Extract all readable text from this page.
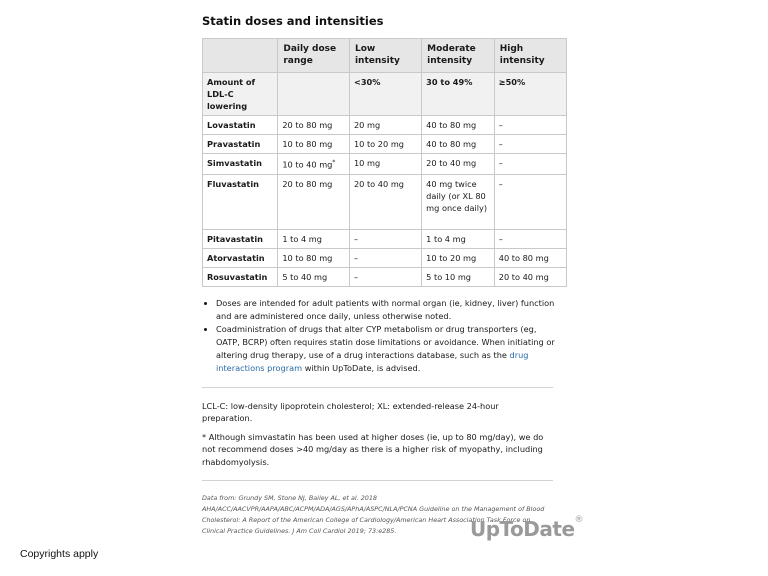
Statin doses and intensities
	Daily dose range	Low intensity	Moderate intensity	High intensity
Amount of LDL-C lowering		<30%	30 to 49%	≥50%
Lovastatin	20 to 80 mg	20 mg	40 to 80 mg	–
Pravastatin	10 to 80 mg	10 to 20 mg	40 to 80 mg	–
Simvastatin	10 to 40 mg*	10 mg	20 to 40 mg	–
Fluvastatin	20 to 80 mg	20 to 40 mg	40 mg twice daily (or XL 80 mg once daily)	–
Pitavastatin	1 to 4 mg	–	1 to 4 mg	–
Atorvastatin	10 to 80 mg	–	10 to 20 mg	40 to 80 mg
Rosuvastatin	5 to 40 mg	–	5 to 10 mg	20 to 40 mg
• Doses are intended for adult patients with normal organ (ie, kidney, liver) function and are administered once daily, unless otherwise noted.
• Coadministration of drugs that alter CYP metabolism or drug transporters (eg, OATP, BCRP) often requires statin dose limitations or avoidance. When initiating or altering drug therapy, use of a drug interactions database, such as the drug interactions program within UpToDate, is advised.
LCL-C: low-density lipoprotein cholesterol; XL: extended-release 24-hour preparation.
* Although simvastatin has been used at higher doses (ie, up to 80 mg/day), we do not recommend doses >40 mg/day as there is a higher risk of myopathy, including rhabdomyolysis.
Data from: Grundy SM, Stone NJ, Bailey AL, et al. 2018 AHA/ACC/AACVPR/AAPA/ABC/ACPM/ADA/AGS/APhA/ASPC/NLA/PCNA Guideline on the Management of Blood Cholesterol: A Report of the American College of Cardiology/American Heart Association Task Force on Clinical Practice Guidelines. J Am Coll Cardiol 2019; 73:e285.	UpToDate®
Copyrights apply
